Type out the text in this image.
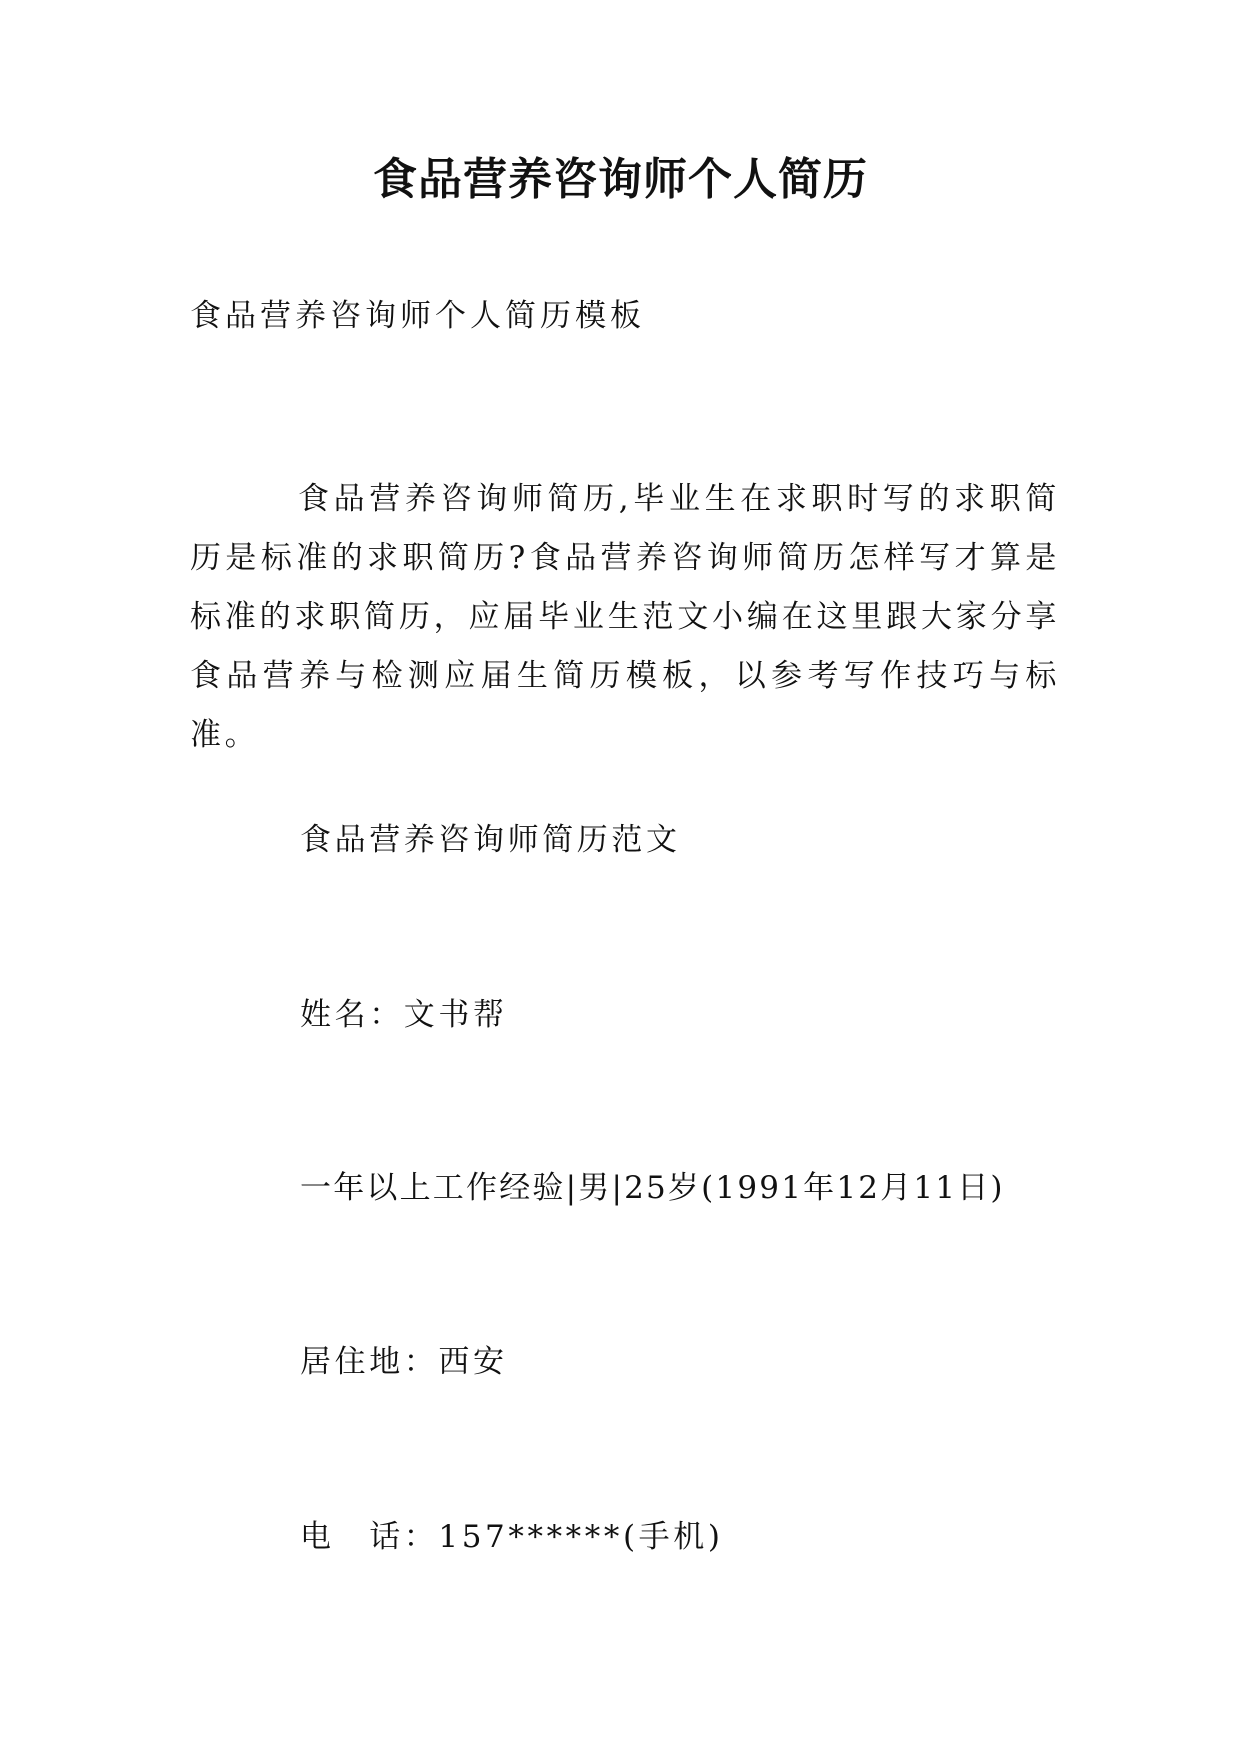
食品营养咨询师个人简历

食品营养咨询师个人简历模板

食品营养咨询师简历,毕业生在求职时写的求职简历是标准的求职简历?食品营养咨询师简历怎样写才算是标准的求职简历，应届毕业生范文小编在这里跟大家分享食品营养与检测应届生简历模板，以参考写作技巧与标准。

食品营养咨询师简历范文

姓名：文书帮

一年以上工作经验|男|25岁(1991年12月11日)

居住地：西安

电　话：157******(手机)
